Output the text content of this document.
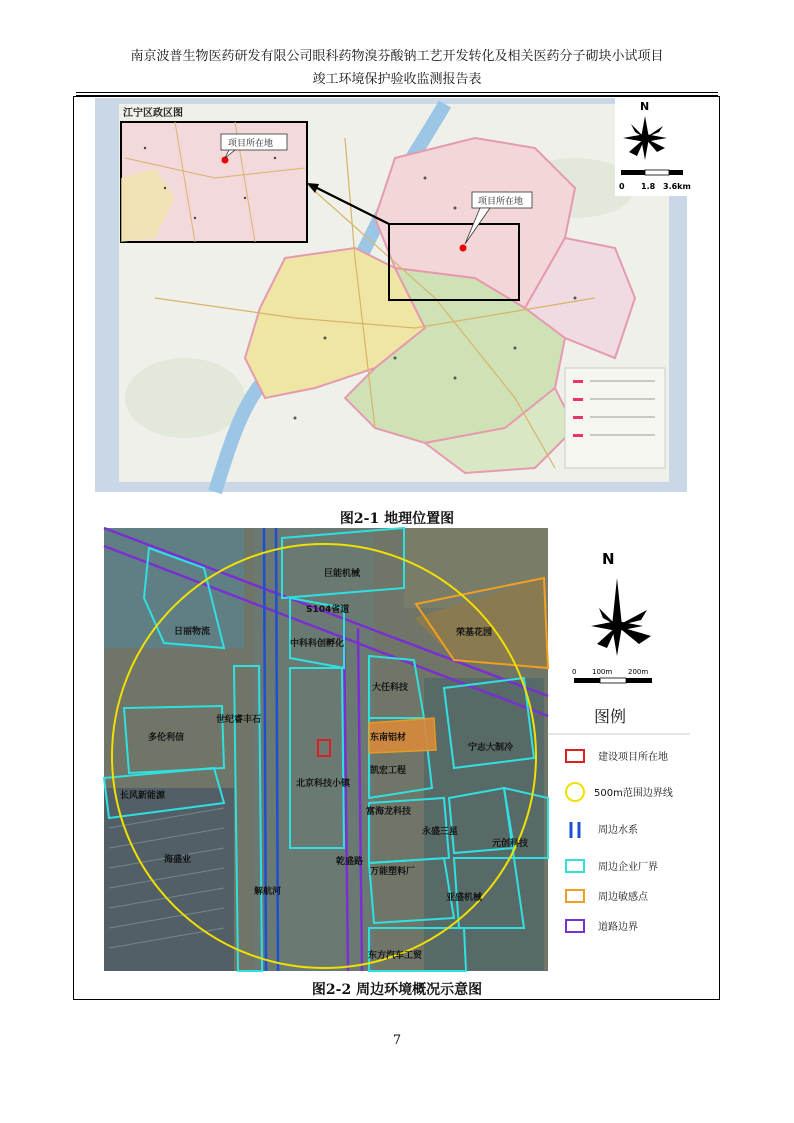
南京波普生物医药研发有限公司眼科药物溴芬酸钠工艺开发转化及相关医药分子砌块小试项目
竣工环境保护验收监测报告表
江宁区政区图
项目所在地
项目所在地
N
0 1.8 3.6km
图2-1 地理位置图
巨能机械
日丽物流
S104省道
中科科创孵化
荣基花园
大任科技
世纪睿丰石
多伦利信	东南铝材
宁志大制冷
凯宏工程
长风新能源
北京科技小镇
富海龙科技
永盛三星
元创科技
海盛业	乾盛路
万能塑料厂
亚盛机械
解航河
东方汽车工贸
N
0 100m 200m
图例
建设项目所在地
500m范围边界线
周边水系
周边企业厂界
周边敏感点
道路边界
图2-2 周边环境概况示意图
7
